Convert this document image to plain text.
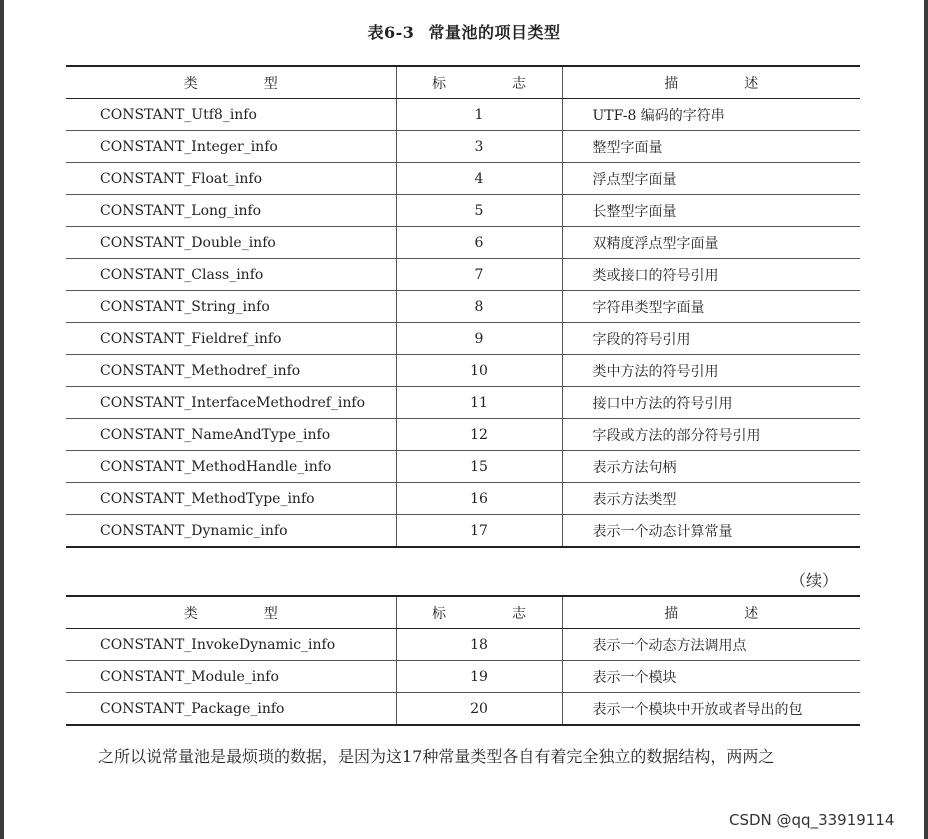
表6-3 常量池的项目类型
类　型	标　志	描　述
CONSTANT_Utf8_info	1	UTF-8 编码的字符串
CONSTANT_Integer_info	3	整型字面量
CONSTANT_Float_info	4	浮点型字面量
CONSTANT_Long_info	5	长整型字面量
CONSTANT_Double_info	6	双精度浮点型字面量
CONSTANT_Class_info	7	类或接口的符号引用
CONSTANT_String_info	8	字符串类型字面量
CONSTANT_Fieldref_info	9	字段的符号引用
CONSTANT_Methodref_info	10	类中方法的符号引用
CONSTANT_InterfaceMethodref_info	11	接口中方法的符号引用
CONSTANT_NameAndType_info	12	字段或方法的部分符号引用
CONSTANT_MethodHandle_info	15	表示方法句柄
CONSTANT_MethodType_info	16	表示方法类型
CONSTANT_Dynamic_info	17	表示一个动态计算常量
（续）
类　型	标　志	描　述
CONSTANT_InvokeDynamic_info	18	表示一个动态方法调用点
CONSTANT_Module_info	19	表示一个模块
CONSTANT_Package_info	20	表示一个模块中开放或者导出的包
之所以说常量池是最烦琐的数据，是因为这17种常量类型各自有着完全独立的数据结构，两两之
CSDN @qq_33919114
